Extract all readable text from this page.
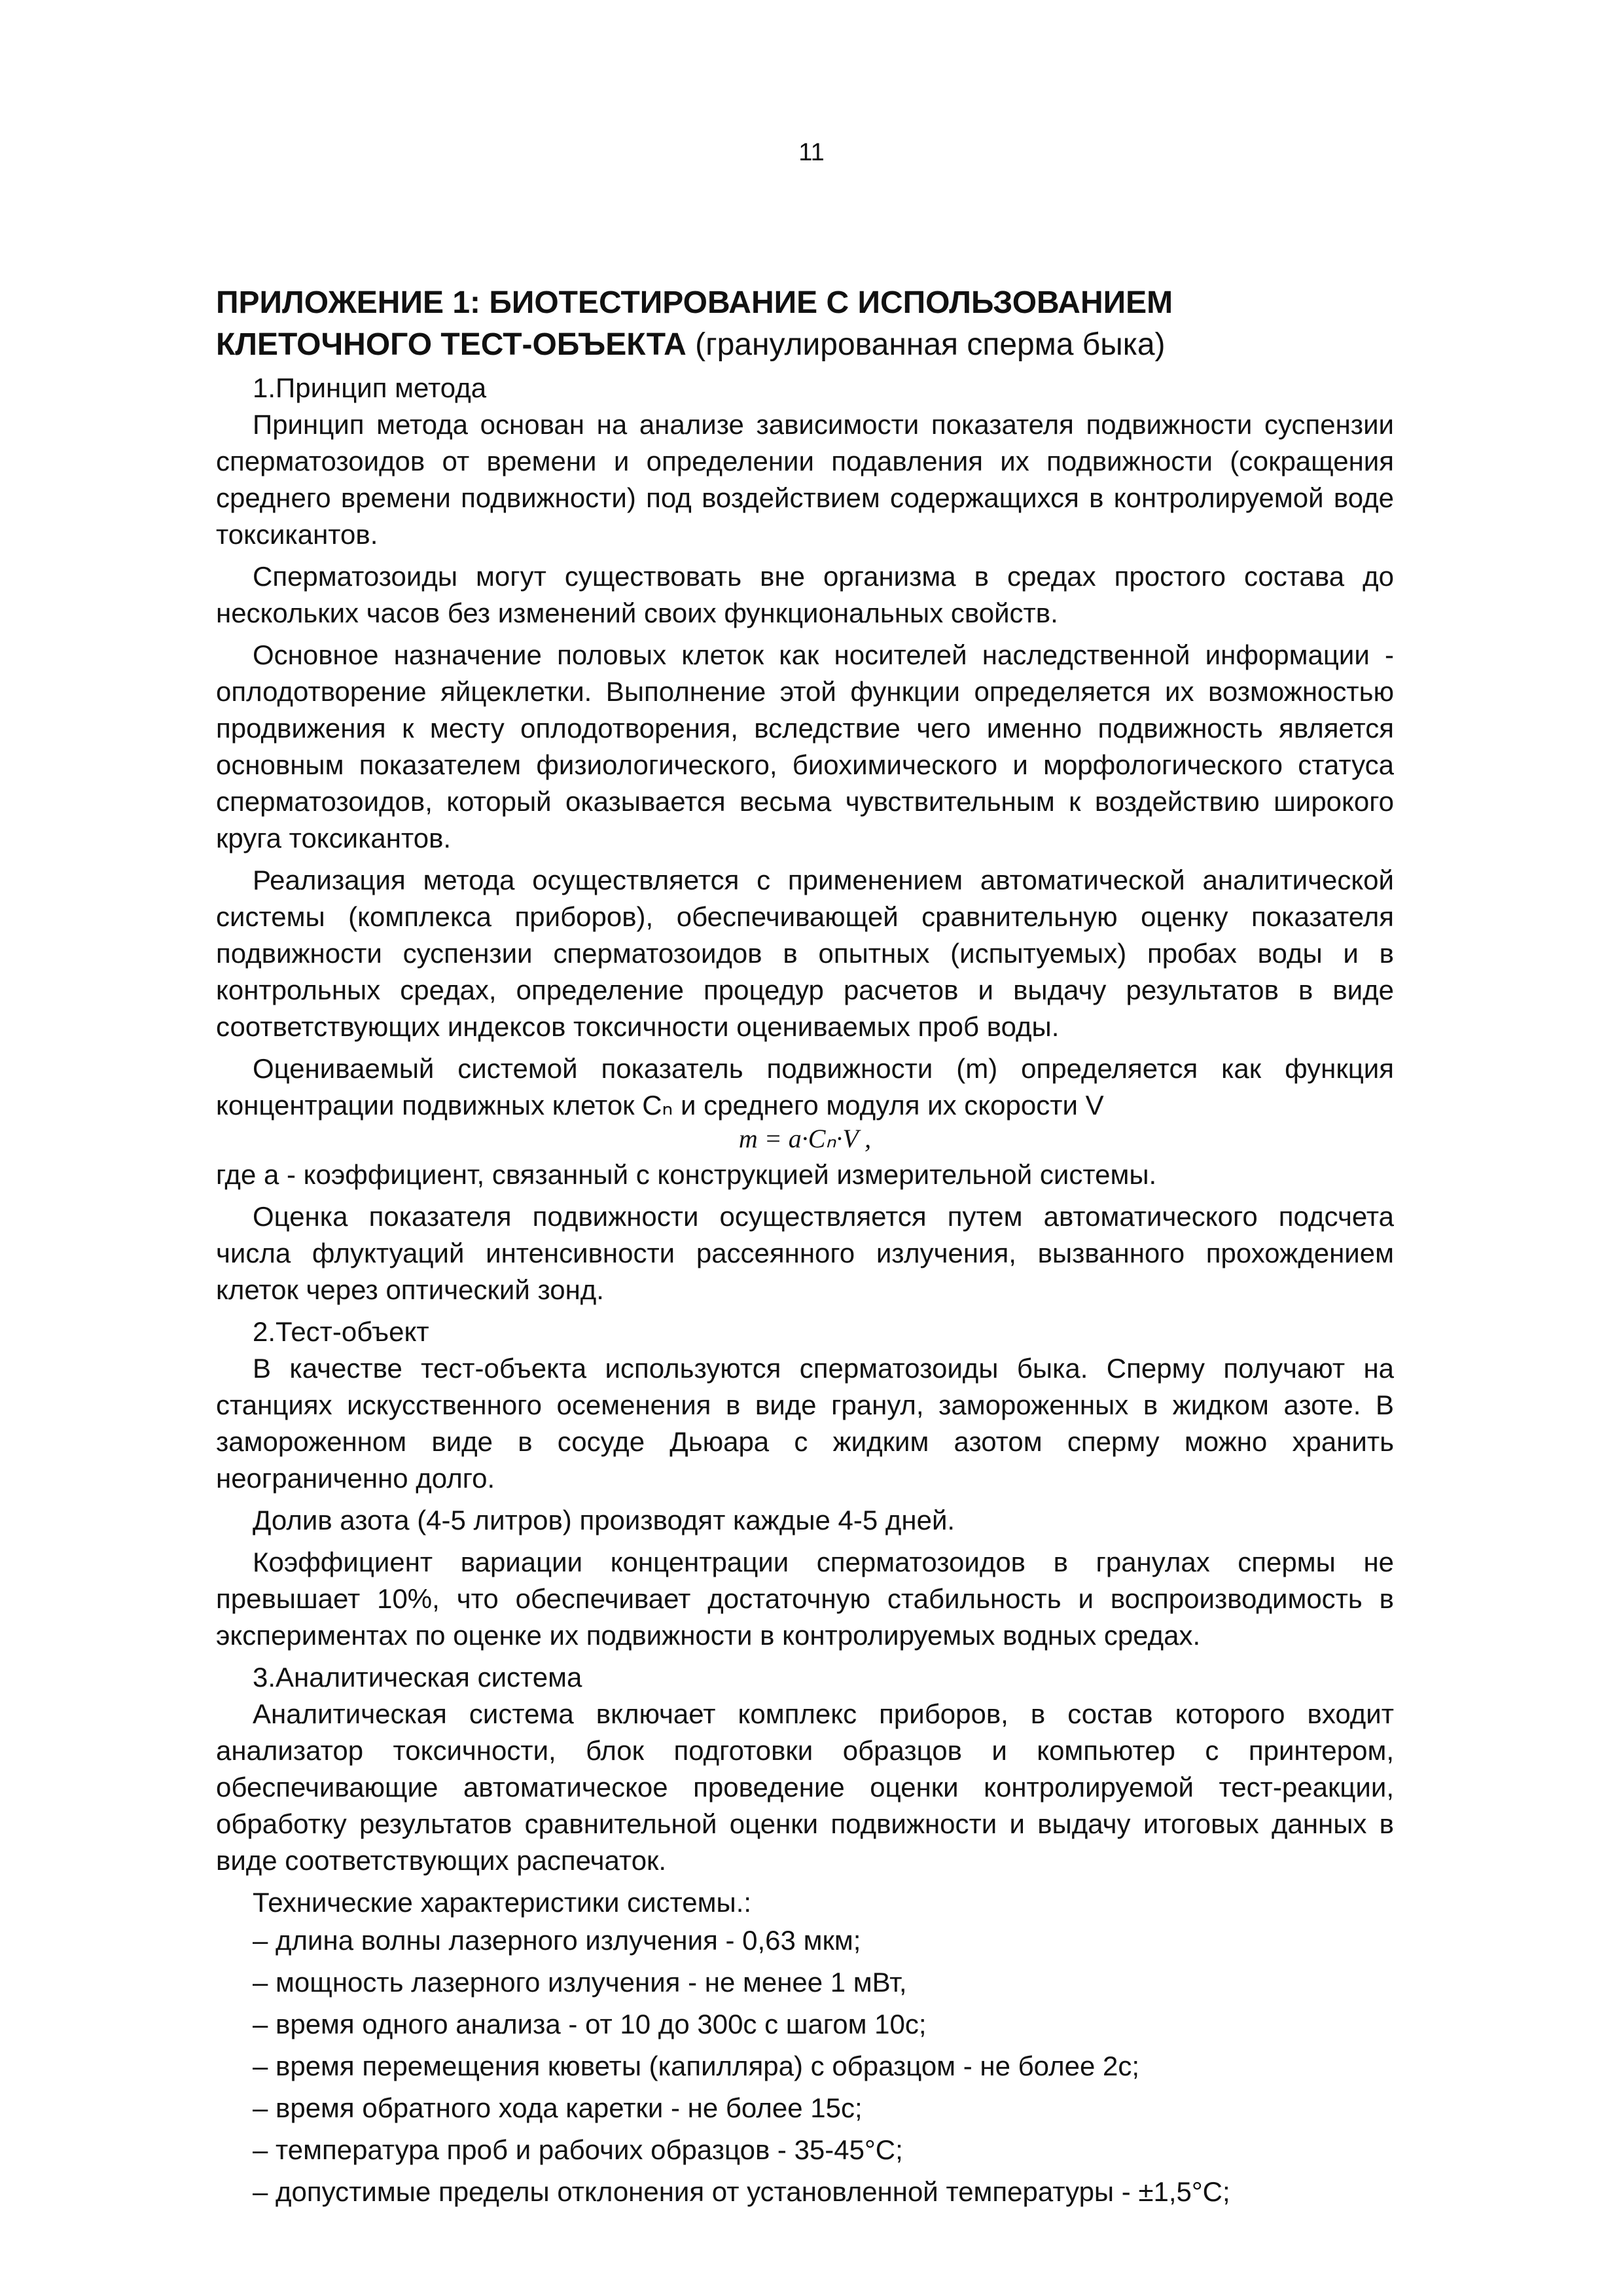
11
ПРИЛОЖЕНИЕ 1: БИОТЕСТИРОВАНИЕ С ИСПОЛЬЗОВАНИЕМ
КЛЕТОЧНОГО ТЕСТ-ОБЪЕКТА (гранулированная сперма быка)
1.Принцип метода

Принцип метода основан на анализе зависимости показателя подвижности суспензии сперматозоидов от времени и определении подавления их подвижности (сокращения среднего времени подвижности) под воздействием содержащихся в контролируемой воде токсикантов.

Сперматозоиды могут существовать вне организма в средах простого состава до нескольких часов без изменений своих функциональных свойств.

Основное назначение половых клеток как носителей наследственной информации - оплодотворение яйцеклетки. Выполнение этой функции определяется их возможностью продвижения к месту оплодотворения, вследствие чего именно подвижность является основным показателем физиологического, биохимического и морфологического статуса сперматозоидов, который оказывается весьма чувствительным к воздействию широкого круга токсикантов.

Реализация метода осуществляется с применением автоматической аналитической системы (комплекса приборов), обеспечивающей сравнительную оценку показателя подвижности суспензии сперматозоидов в опытных (испытуемых) пробах воды и в контрольных средах, определение процедур расчетов и выдачу результатов в виде соответствующих индексов токсичности оцениваемых проб воды.

Оцениваемый системой показатель подвижности (m) определяется как функция концентрации подвижных клеток Cₙ и среднего модуля их скорости V

m = a·Cₙ·V ,

где а - коэффициент, связанный с конструкцией измерительной системы.

Оценка показателя подвижности осуществляется путем автоматического подсчета числа флуктуаций интенсивности рассеянного излучения, вызванного прохождением клеток через оптический зонд.

2.Тест-объект

В качестве тест-объекта используются сперматозоиды быка. Сперму получают на станциях искусственного осеменения в виде гранул, замороженных в жидком азоте. В замороженном виде в сосуде Дьюара с жидким азотом сперму можно хранить неограниченно долго.

Долив азота (4-5 литров) производят каждые 4-5 дней.

Коэффициент вариации концентрации сперматозоидов в гранулах спермы не превышает 10%, что обеспечивает достаточную стабильность и воспроизводимость в экспериментах по оценке их подвижности в контролируемых водных средах.

3.Аналитическая система

Аналитическая система включает комплекс приборов, в состав которого входит анализатор токсичности, блок подготовки образцов и компьютер с принтером, обеспечивающие автоматическое проведение оценки контролируемой тест-реакции, обработку результатов сравнительной оценки подвижности и выдачу итоговых данных в виде соответствующих распечаток.

Технические характеристики системы.:

– длина волны лазерного излучения - 0,63 мкм;
– мощность лазерного излучения - не менее 1 мВт,
– время одного анализа - от 10 до 300с с шагом 10с;
– время перемещения кюветы (капилляра) с образцом - не более 2с;
– время обратного хода каретки - не более 15с;
– температура проб и рабочих образцов - 35-45°С;
– допустимые пределы отклонения от установленной температуры - ±1,5°С;
